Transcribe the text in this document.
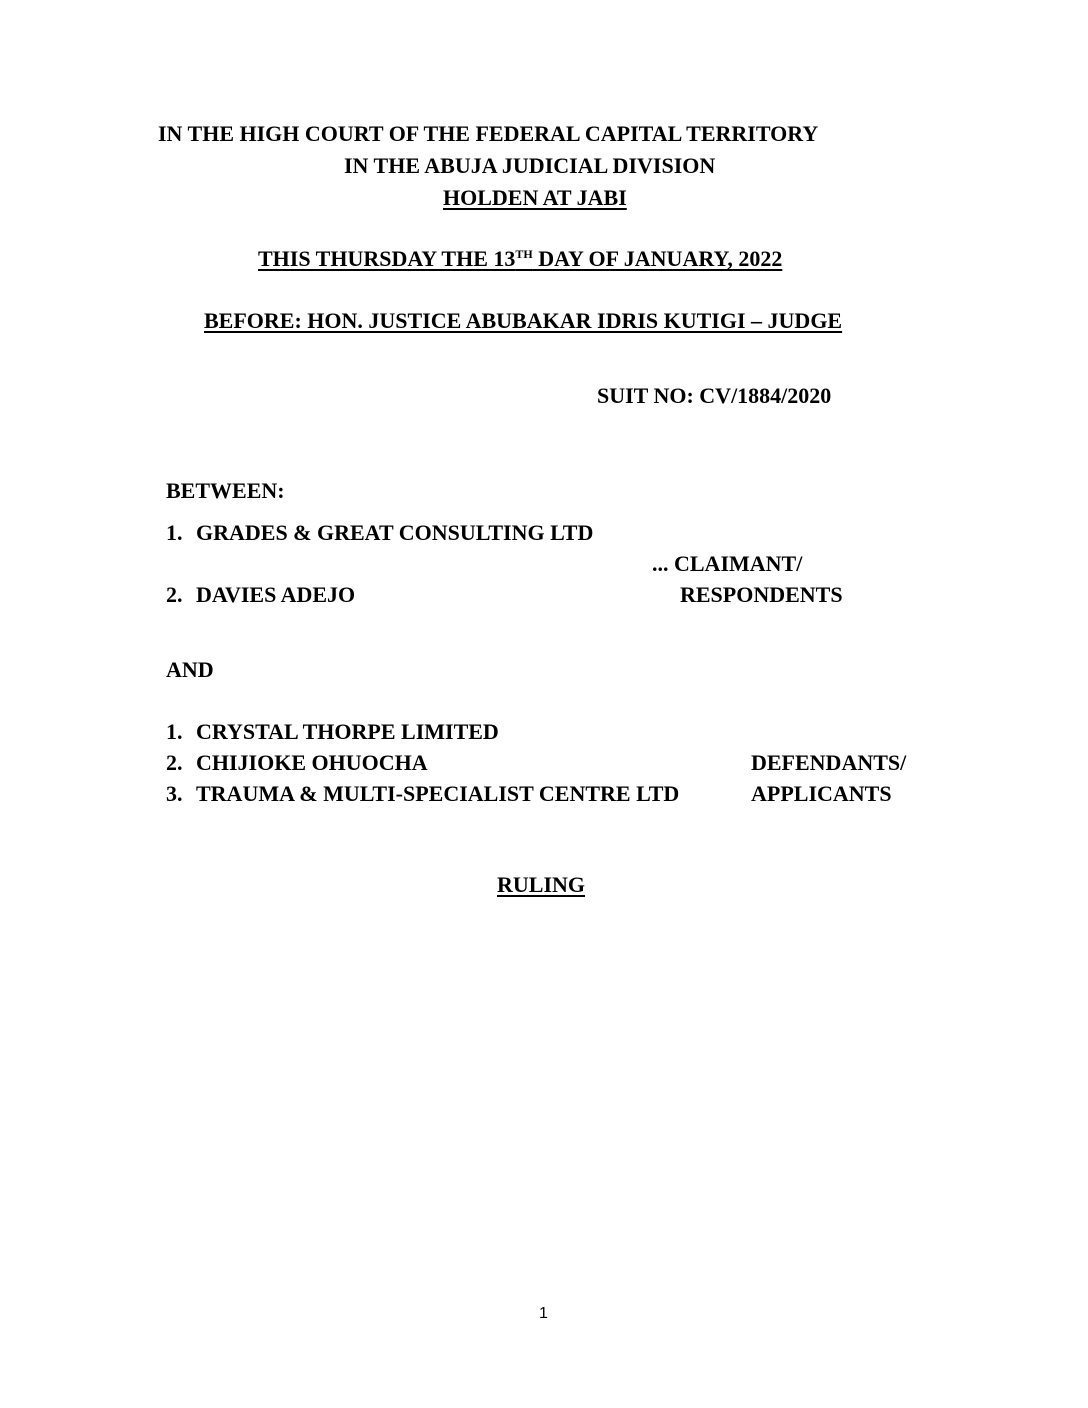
IN THE HIGH COURT OF THE FEDERAL CAPITAL TERRITORY
IN THE ABUJA JUDICIAL DIVISION
HOLDEN AT JABI
THIS THURSDAY THE 13TH DAY OF JANUARY, 2022
BEFORE: HON. JUSTICE ABUBAKAR IDRIS KUTIGI – JUDGE
SUIT NO: CV/1884/2020
BETWEEN:
1. GRADES & GREAT CONSULTING LTD
... CLAIMANT/
2. DAVIES ADEJO	RESPONDENTS
AND
1. CRYSTAL THORPE LIMITED
2. CHIJIOKE OHUOCHA	DEFENDANTS/
3. TRAUMA & MULTI-SPECIALIST CENTRE LTD	APPLICANTS
RULING
1
